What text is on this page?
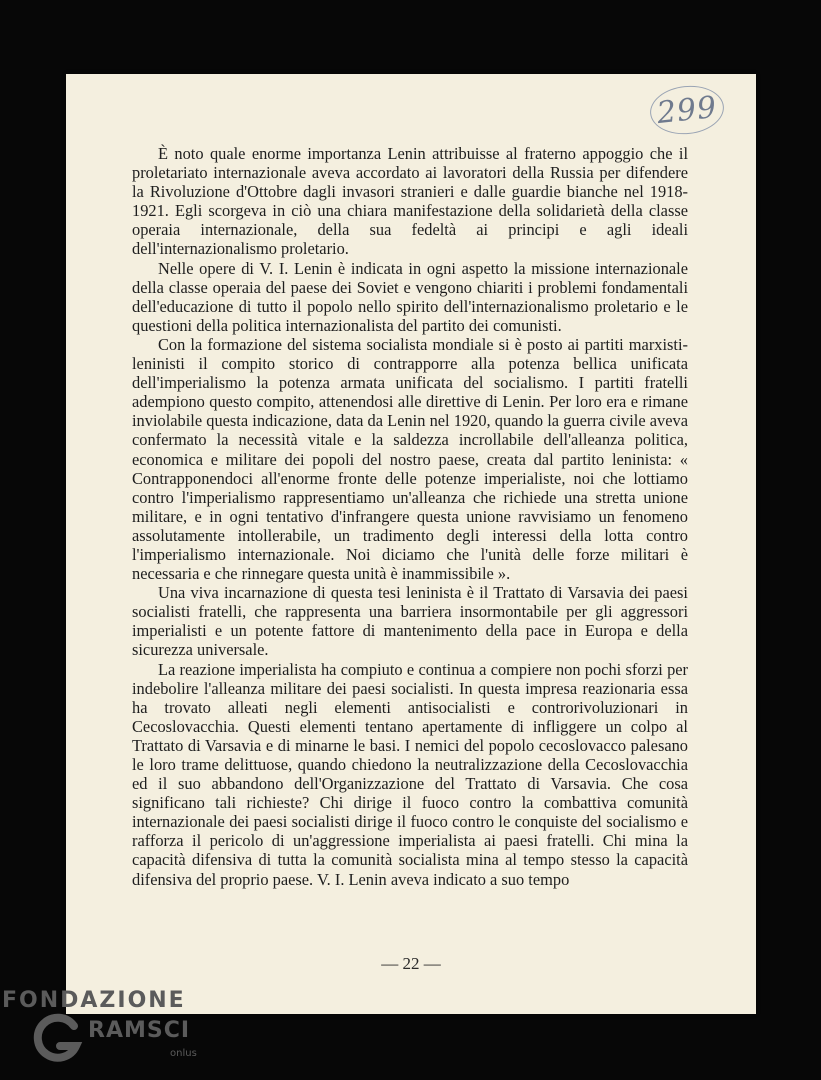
299

È noto quale enorme importanza Lenin attribuisse al fraterno appoggio che il proletariato internazionale aveva accordato ai lavoratori della Russia per difendere la Rivoluzione d'Ottobre dagli invasori stranieri e dalle guardie bianche nel 1918-1921. Egli scorgeva in ciò una chiara manifestazione della solidarietà della classe operaia internazionale, della sua fedeltà ai principi e agli ideali dell'internazionalismo proletario.

Nelle opere di V. I. Lenin è indicata in ogni aspetto la missione internazionale della classe operaia del paese dei Soviet e vengono chiariti i problemi fondamentali dell'educazione di tutto il popolo nello spirito dell'internazionalismo proletario e le questioni della politica internazionalista del partito dei comunisti.

Con la formazione del sistema socialista mondiale si è posto ai partiti marxisti-leninisti il compito storico di contrapporre alla potenza bellica unificata dell'imperialismo la potenza armata unificata del socialismo. I partiti fratelli adempiono questo compito, attenendosi alle direttive di Lenin. Per loro era e rimane inviolabile questa indicazione, data da Lenin nel 1920, quando la guerra civile aveva confermato la necessità vitale e la saldezza incrollabile dell'alleanza politica, economica e militare dei popoli del nostro paese, creata dal partito leninista: « Contrapponendoci all'enorme fronte delle potenze imperialiste, noi che lottiamo contro l'imperialismo rappresentiamo un'alleanza che richiede una stretta unione militare, e in ogni tentativo d'infrangere questa unione ravvisiamo un fenomeno assolutamente intollerabile, un tradimento degli interessi della lotta contro l'imperialismo internazionale. Noi diciamo che l'unità delle forze militari è necessaria e che rinnegare questa unità è inammissibile ».

Una viva incarnazione di questa tesi leninista è il Trattato di Varsavia dei paesi socialisti fratelli, che rappresenta una barriera insormontabile per gli aggressori imperialisti e un potente fattore di mantenimento della pace in Europa e della sicurezza universale.

La reazione imperialista ha compiuto e continua a compiere non pochi sforzi per indebolire l'alleanza militare dei paesi socialisti. In questa impresa reazionaria essa ha trovato alleati negli elementi antisocialisti e controrivoluzionari in Cecoslovacchia. Questi elementi tentano apertamente di infliggere un colpo al Trattato di Varsavia e di minarne le basi. I nemici del popolo cecoslovacco palesano le loro trame delittuose, quando chiedono la neutralizzazione della Cecoslovacchia ed il suo abbandono dell'Organizzazione del Trattato di Varsavia. Che cosa significano tali richieste? Chi dirige il fuoco contro la combattiva comunità internazionale dei paesi socialisti dirige il fuoco contro le conquiste del socialismo e rafforza il pericolo di un'aggressione imperialista ai paesi fratelli. Chi mina la capacità difensiva di tutta la comunità socialista mina al tempo stesso la capacità difensiva del proprio paese. V. I. Lenin aveva indicato a suo tempo

— 22 —
FONDAZIONE
RAMSCI
onlus
